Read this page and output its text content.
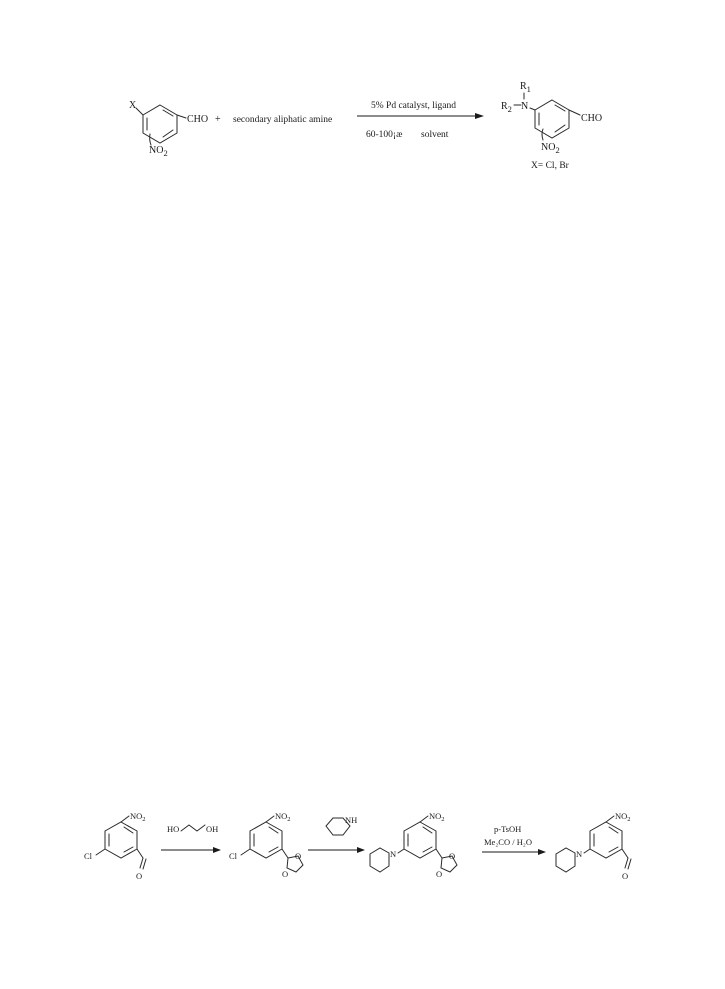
X
CHO
$NO_2$
+ secondary aliphatic amine
5% Pd catalyst, ligand
60-100¡æ solvent
$R_1$
$R_2$ N
CHO
$NO_2$
X= Cl, Br
$NO_2$
Cl
O
HO	OH
$NO_2$
Cl	O
O
NH	$NO_2$
N	O
O
p-TsOH
Me₂CO / H₂O
$NO_2$
N
O
